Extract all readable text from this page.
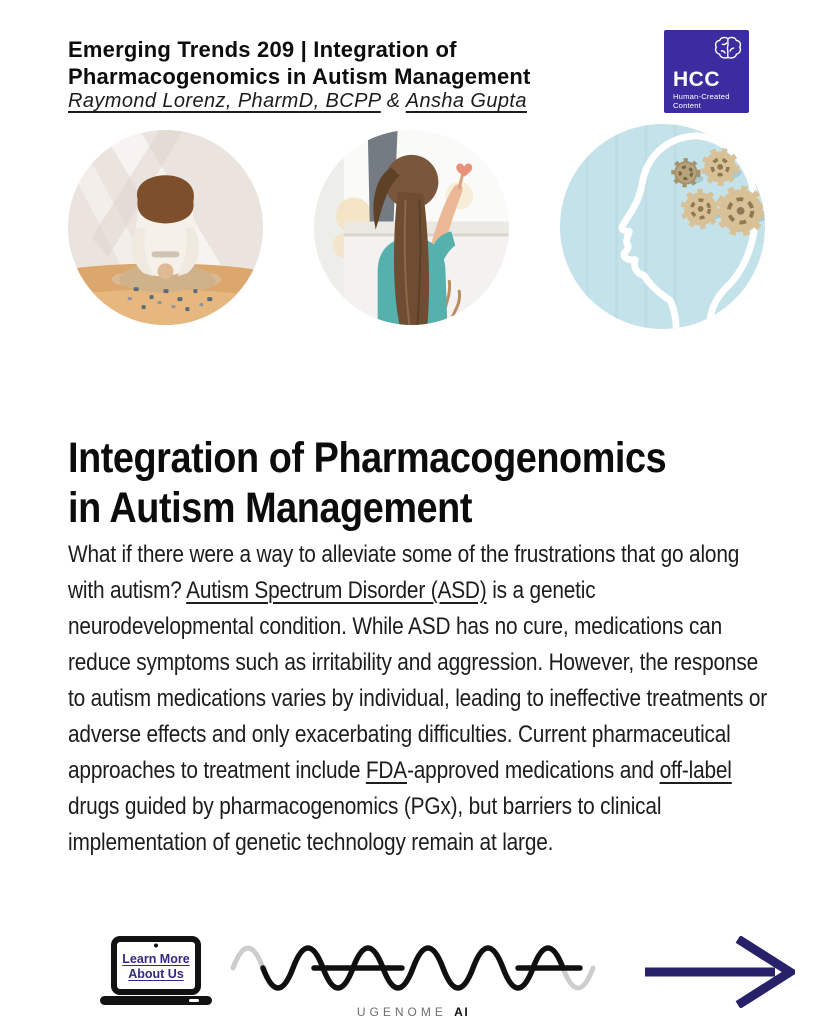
Emerging Trends 209 | Integration of
Pharmacogenomics in Autism Management
Raymond Lorenz, PharmD, BCPP & Ansha Gupta
HCC
Human-Created
Content
Integration of Pharmacogenomics
in Autism Management

What if there were a way to alleviate some of the frustrations that go along with autism? Autism Spectrum Disorder (ASD) is a genetic neurodevelopmental condition. While ASD has no cure, medications can reduce symptoms such as irritability and aggression. However, the response to autism medications varies by individual, leading to ineffective treatments or adverse effects and only exacerbating difficulties. Current pharmaceutical approaches to treatment include FDA-approved medications and off-label drugs guided by pharmacogenomics (PGx), but barriers to clinical implementation of genetic technology remain at large.

Learn More
About Us
UGENOME AI
